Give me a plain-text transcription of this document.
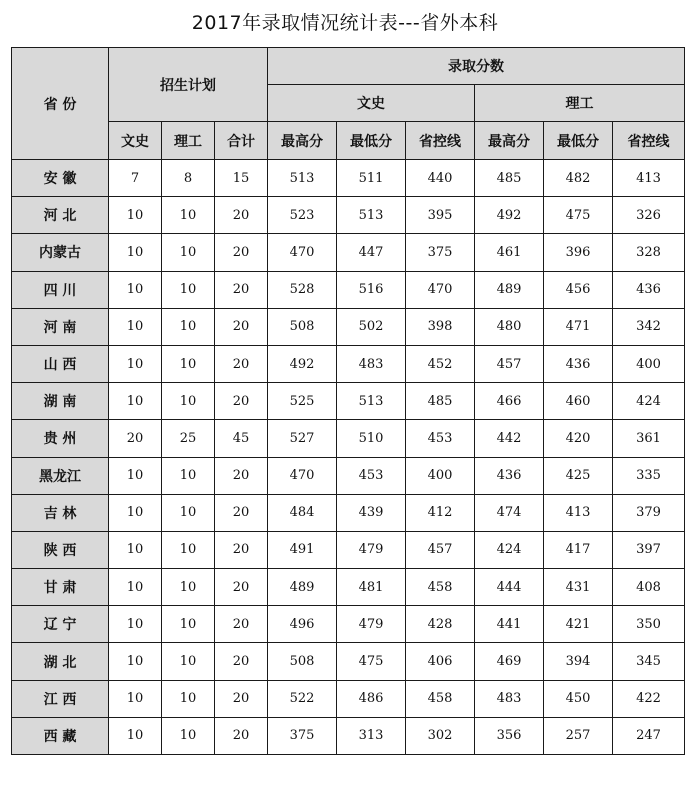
2017年录取情况统计表---省外本科
省 份	招生计划			录取分数					
				文史			理工		
	文史	理工	合计	最高分	最低分	省控线	最高分	最低分	省控线
安 徽	7	8	15	513	511	440	485	482	413
河 北	10	10	20	523	513	395	492	475	326
内蒙古	10	10	20	470	447	375	461	396	328
四 川	10	10	20	528	516	470	489	456	436
河 南	10	10	20	508	502	398	480	471	342
山 西	10	10	20	492	483	452	457	436	400
湖 南	10	10	20	525	513	485	466	460	424
贵 州	20	25	45	527	510	453	442	420	361
黑龙江	10	10	20	470	453	400	436	425	335
吉 林	10	10	20	484	439	412	474	413	379
陕 西	10	10	20	491	479	457	424	417	397
甘 肃	10	10	20	489	481	458	444	431	408
辽 宁	10	10	20	496	479	428	441	421	350
湖 北	10	10	20	508	475	406	469	394	345
江 西	10	10	20	522	486	458	483	450	422
西 藏	10	10	20	375	313	302	356	257	247
